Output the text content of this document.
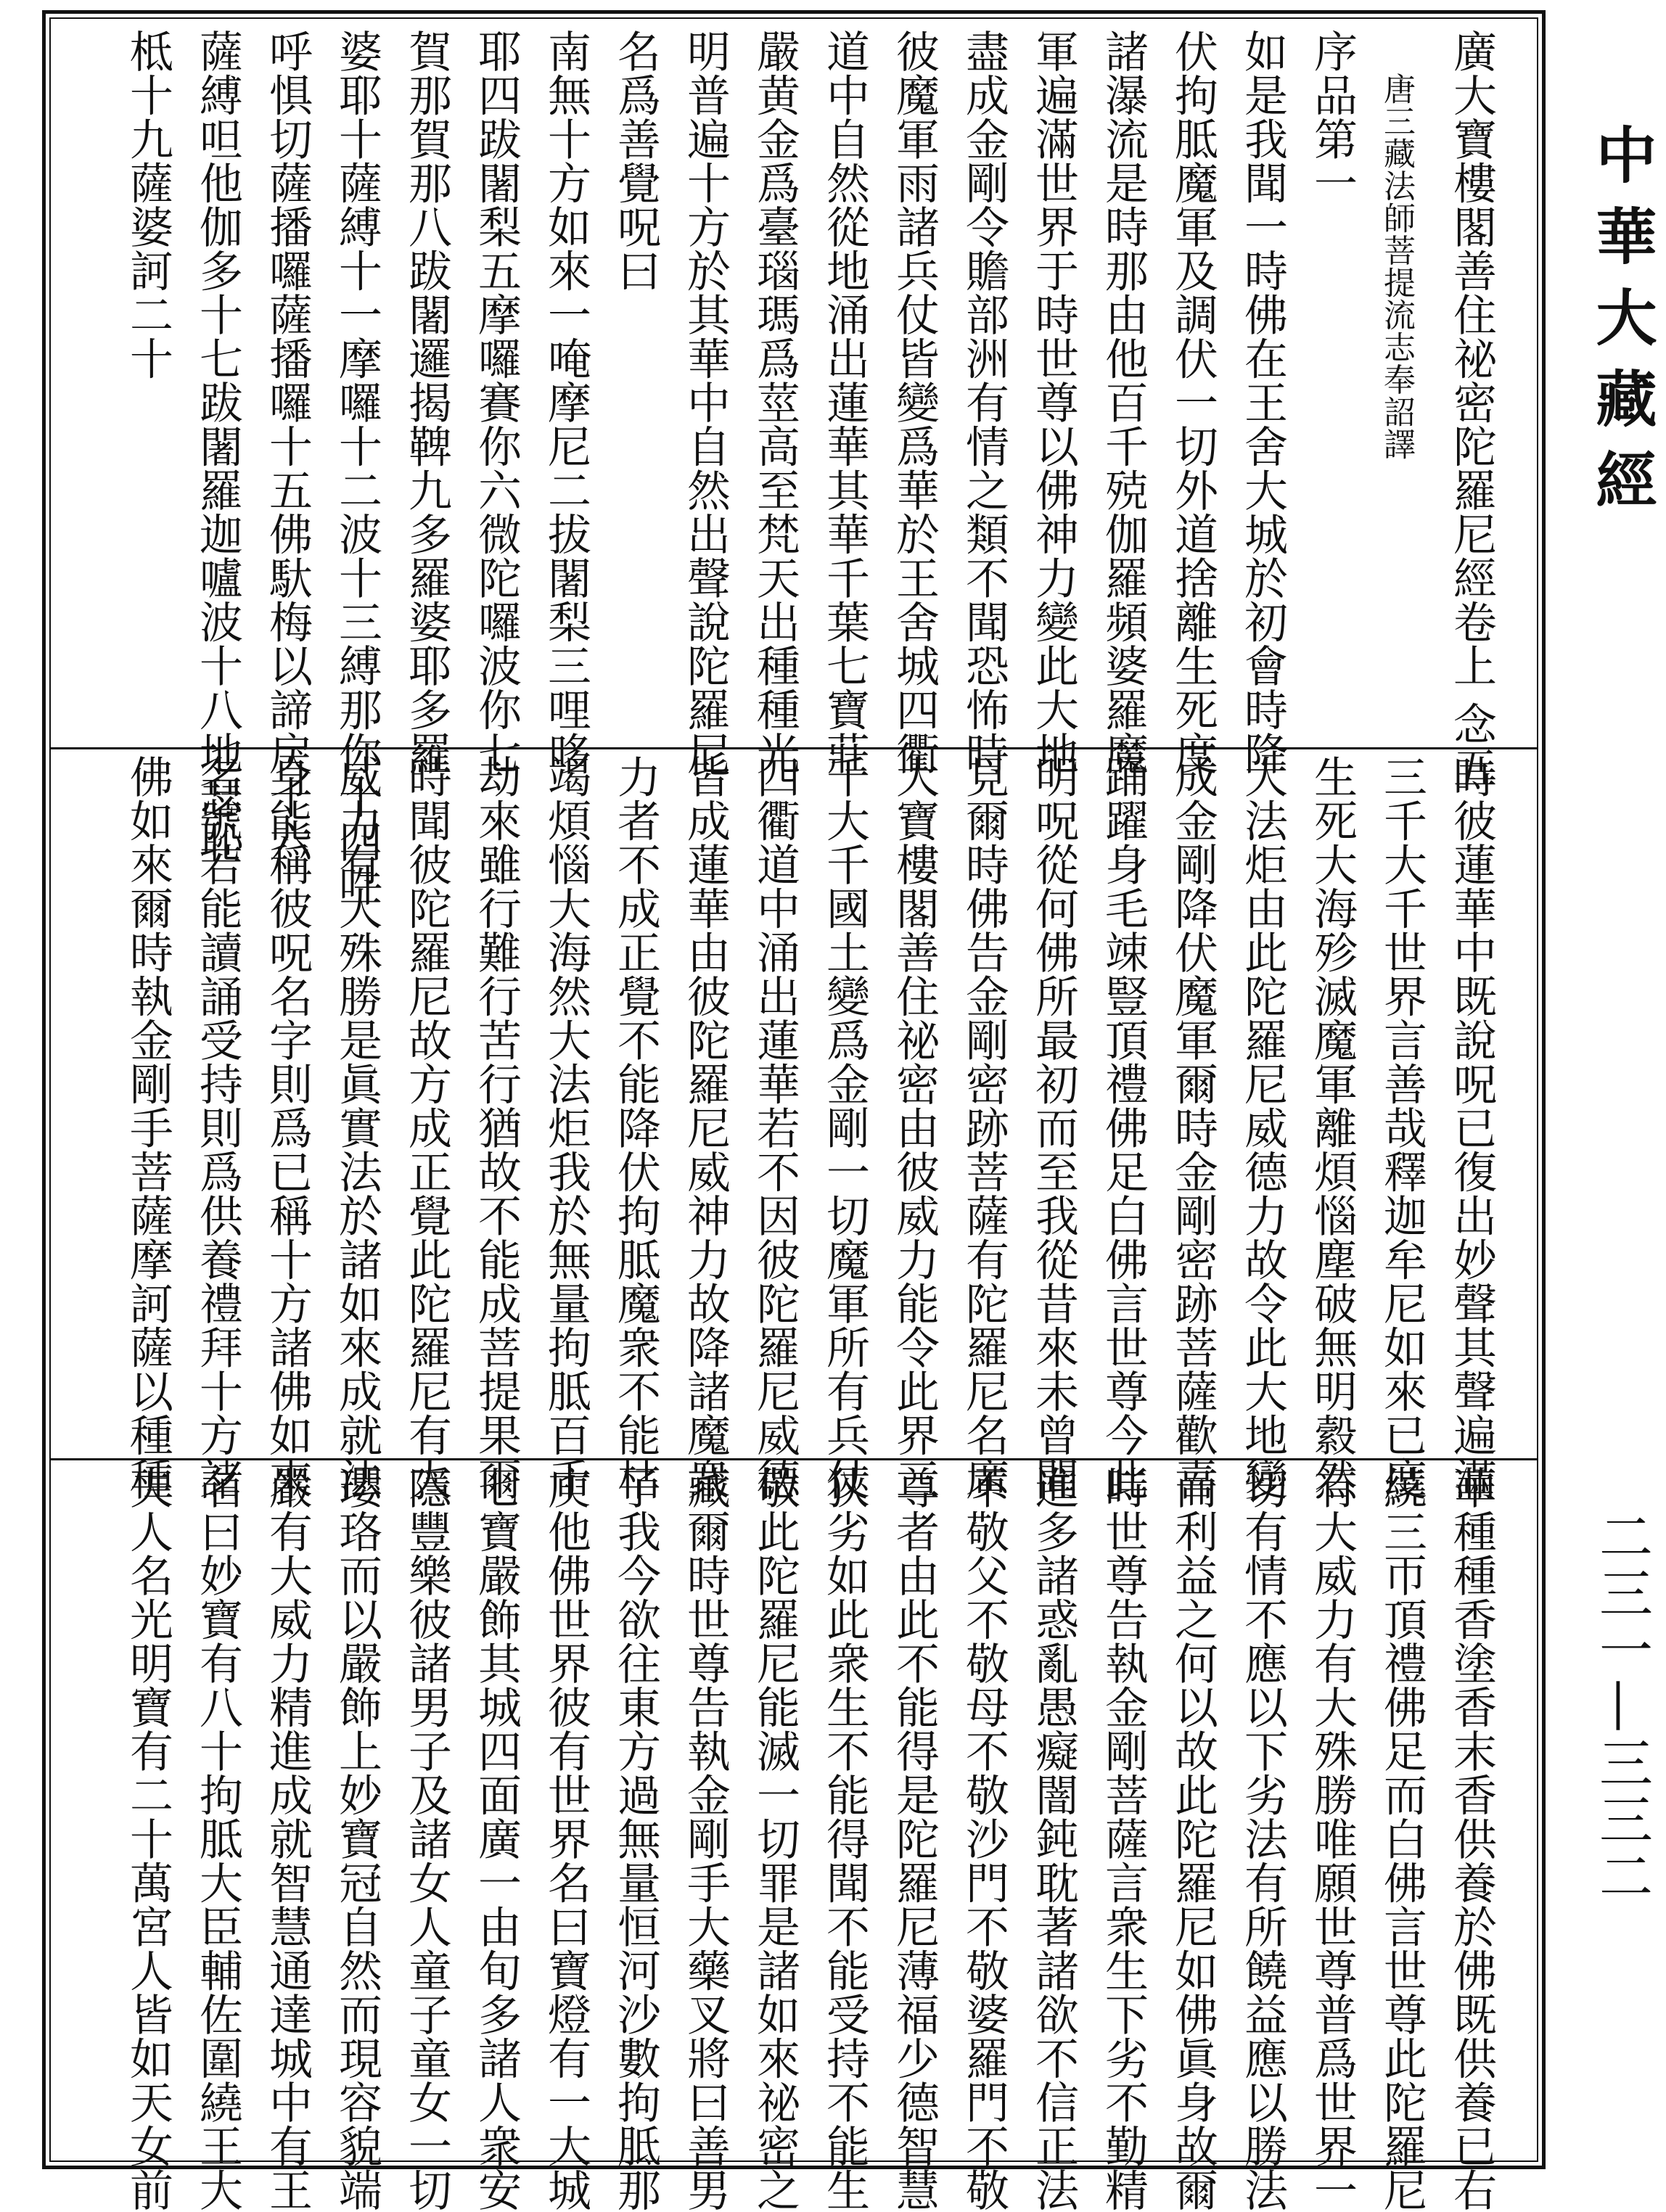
中華大藏經
二三一—三三二
廣大寶樓閣善住祕密陀羅尼經卷上 念五
唐三藏法師菩提流志奉詔譯
序品第一
如是我聞一時佛在王舍大城於初會時降
伏拘胝魔軍及調伏一切外道捨離生死度
諸瀑流是時那由他百千殑伽羅頻婆羅魔
軍遍滿世界于時世尊以佛神力變此大地
盡成金剛令贍部洲有情之類不聞恐怖時
彼魔軍雨諸兵仗皆變爲華於王舍城四衢
道中自然從地涌出蓮華其華千葉七寶莊
嚴黄金爲臺瑙瑪爲莖高至梵天出種種光
明普遍十方於其華中自然出聲說陀羅尼
名爲善覺呪曰
南無十方如來一唵摩尼二拔闍梨三哩哆
耶四跋闍梨五摩囉賽你六微陀囉波你七
賀那賀那八跋闍邏揭鞞九多羅婆耶多羅
婆耶十薩縛十一摩囉十二波十三縛那你十四吽
呼惧切薩播囉薩播囉十五佛馱梅以諦戾十六
薩縛呾他伽多十七跋闍羅迦嚧波十八地瑟恥
柢十九薩婆訶二十
時彼蓮華中既說呪已復出妙聲其聲遍滿
三千大千世界言善哉釋迦牟尼如來已度
生死大海殄滅魔軍離煩惱塵破無明縠然
大法炬由此陀羅尼威德力故令此大地變
成金剛降伏魔軍爾時金剛密跡菩薩歡喜
踊躍身毛竦豎頂禮佛足白佛言世尊今此
明呪從何佛所最初而至我從昔來未曾聞
見爾時佛告金剛密跡菩薩有陀羅尼名廣
大寶樓閣善住祕密由彼威力能令此界三
千大千國土變爲金剛一切魔軍所有兵仗
四衢道中涌出蓮華若不因彼陀羅尼威德
皆成蓮華由彼陀羅尼威神力故降諸魔衆
力者不成正覺不能降伏拘胝魔衆不能枯
竭煩惱大海然大法炬我於無量拘胝百千
劫來雖行難行苦行猶故不能成菩提果爾
時聞彼陀羅尼故方成正覺此陀羅尼有大
威力有大殊勝是眞實法於諸如來成就法
身能稱彼呪名字則爲已稱十方諸佛如來
名號若能讀誦受持則爲供養禮拜十方諸
佛如來爾時執金剛手菩薩摩訶薩以種種
華種種香塗香末香供養於佛既供養已右
繞三帀頂禮佛足而白佛言世尊此陀羅尼
有大威力有大殊勝唯願世尊普爲世界一
切有情不應以下劣法有所饒益應以勝法
而利益之何以故此陀羅尼如佛眞身故爾
時世尊告執金剛菩薩言衆生下劣不勤精
進多諸惑亂愚癡闇鈍耽著諸欲不信正法
不敬父不敬母不敬沙門不敬婆羅門不敬
尊者由此不能得是陀羅尼薄福少德智慧
狹劣如此衆生不能得聞不能受持不能生
敬此陀羅尼能滅一切罪是諸如來祕密之
藏爾時世尊告執金剛手大藥叉將曰善男
子我今欲往東方過無量恒河沙數拘胝那
庾他佛世界彼有世界名曰寶燈有一大城
七寶嚴飾其城四面廣一由旬多諸人衆安
隱豐樂彼諸男子及諸女人童子童女一切
瓔珞而以嚴飾上妙寶冠自然而現容貌端
嚴有大威力精進成就智慧通達城中有王
名曰妙寶有八十拘胝大臣輔佐圍繞王大
夫人名光明寶有二十萬宮人皆如天女前
